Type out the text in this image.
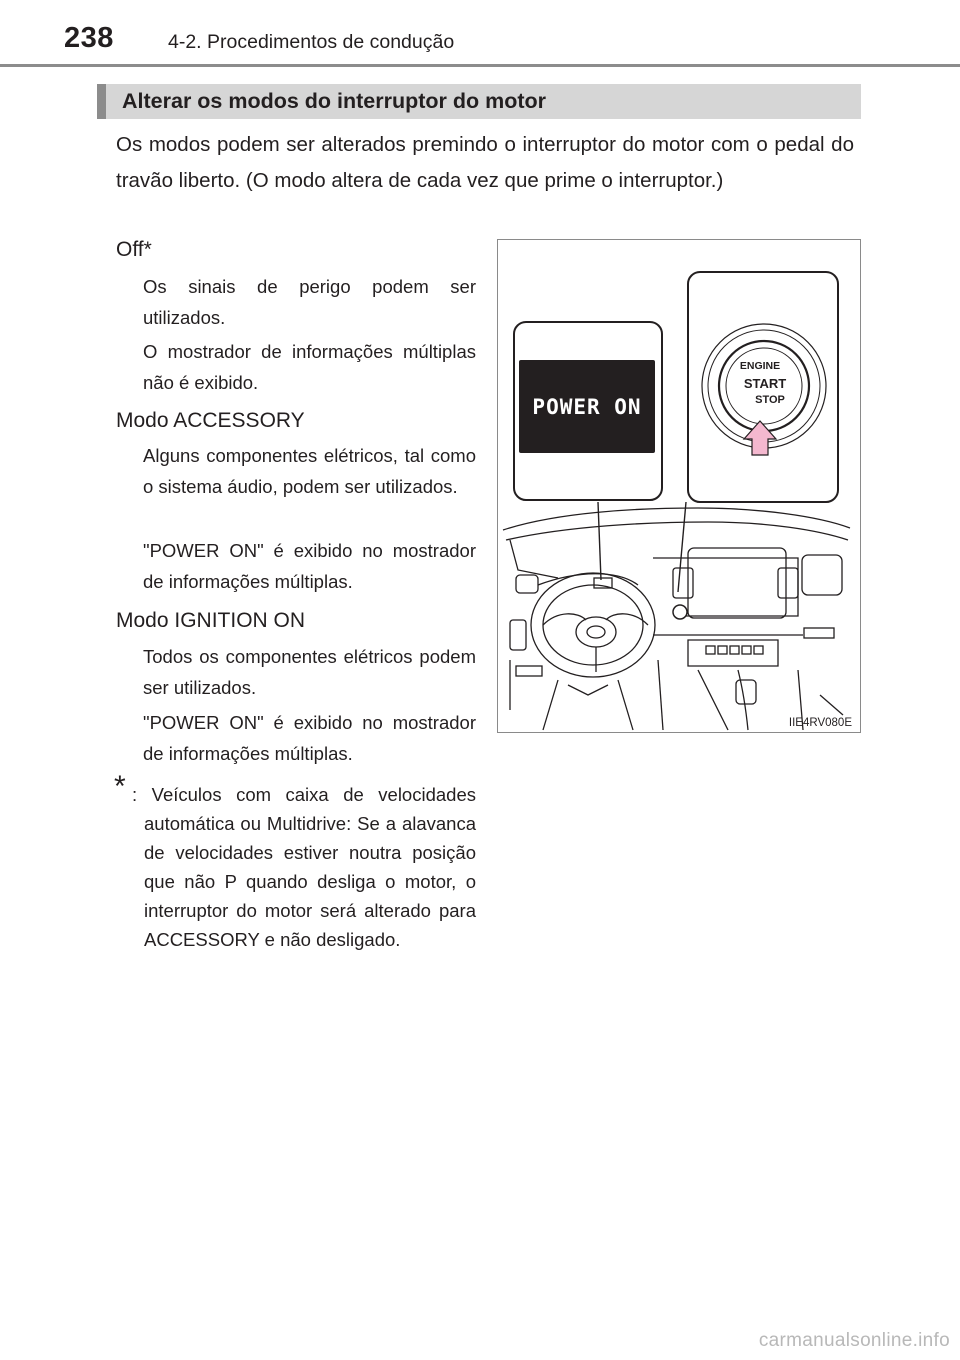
238	4-2. Procedimentos de condução
Alterar os modos do interruptor do motor
Os modos podem ser alterados premindo o interruptor do motor com o pedal do travão liberto. (O modo altera de cada vez que prime o interruptor.)
Off*
Os sinais de perigo podem ser utilizados.
O mostrador de informações múltiplas não é exibido.
Modo ACCESSORY
Alguns componentes elétricos, tal como o sistema áudio, podem ser utilizados.
"POWER ON" é exibido no mostrador de informações múltiplas.
Modo IGNITION ON
Todos os componentes elétricos podem ser utilizados.
"POWER ON" é exibido no mostrador de informações múltiplas.
* : Veículos com caixa de velocidades automática ou Multidrive: Se a alavanca de velocidades estiver noutra posição que não P quando desliga o motor, o interruptor do motor será alterado para ACCESSORY e não desligado.
POWER ON
ENGINE
START
STOP
IIE4RV080E
carmanualsonline.info
